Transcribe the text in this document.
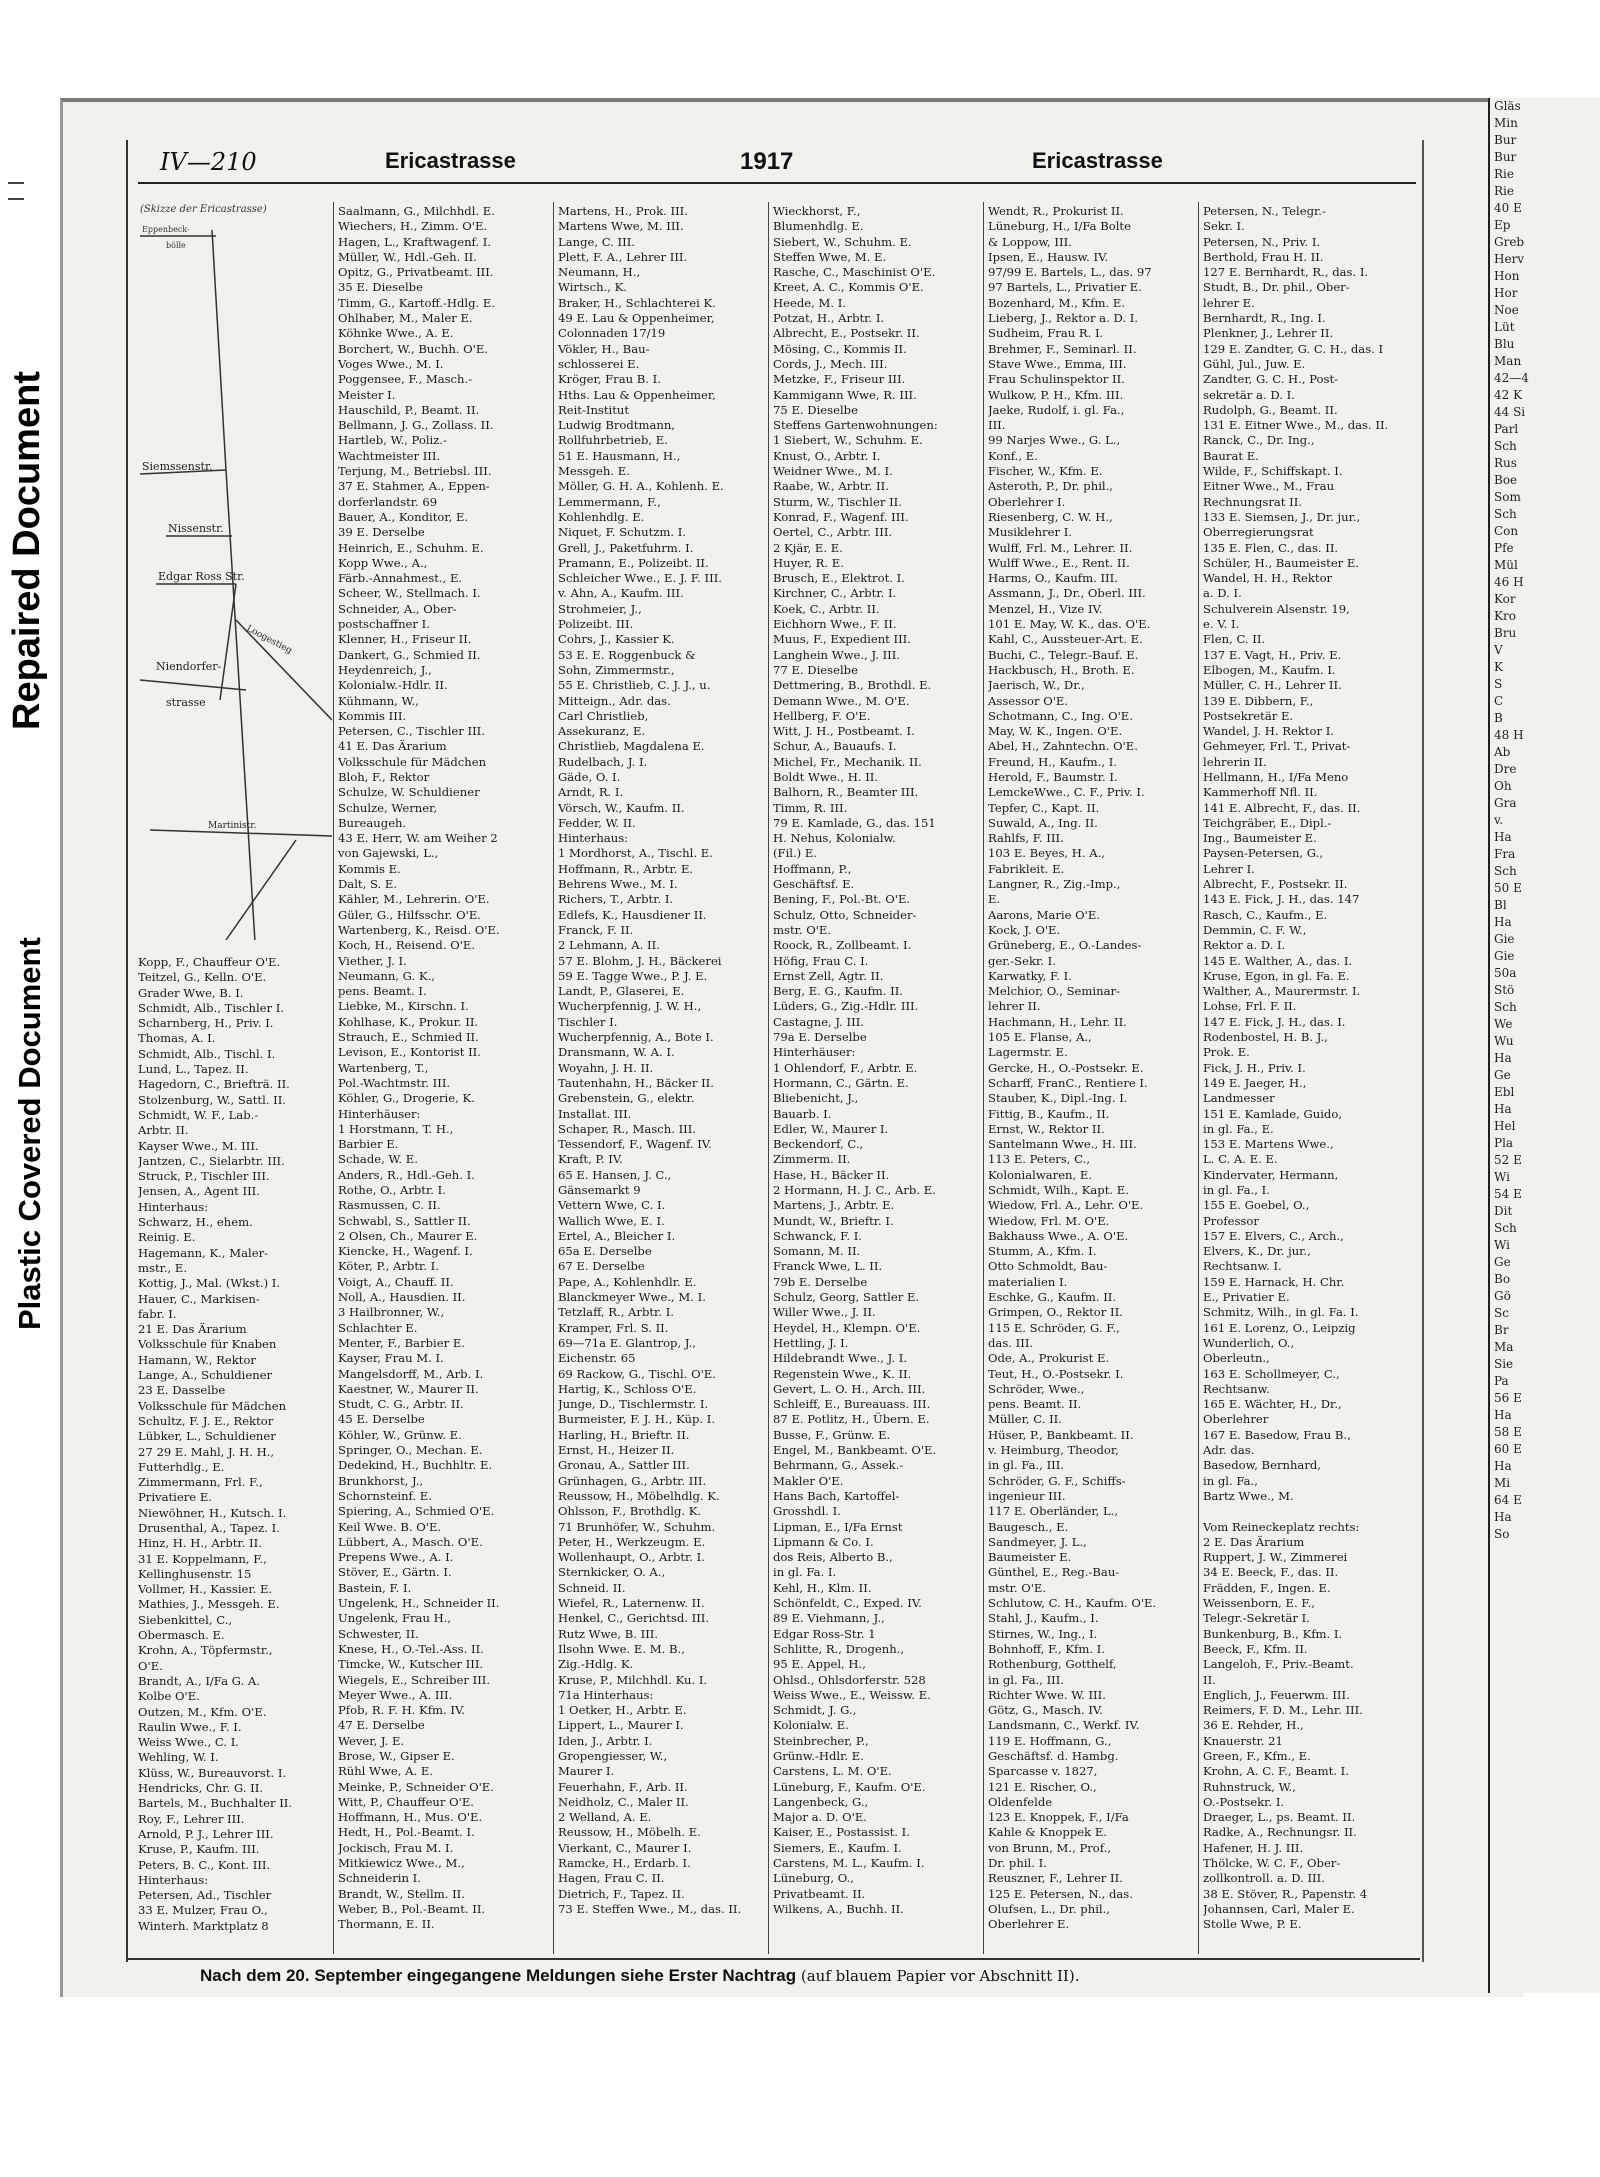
Gläs
Min
Bur
Bur
Rie
Rie
40 E
Ep
Greb
Herv
Hon
Hor
Noe
Lüt
Blu
Man
42—4
42 K
44 Si
Parl
Sch
Rus
Boe
Som
Sch
Con
Pfe
Mül
46 H
Kor
Kro
Bru
V
K
S
C
B
48 H
Ab
Dre
Oh
Gra
v.
Ha
Fra
Sch
50 E
Bl
Ha
Gie
Gie
50a
Stö
Sch
We
Wu
Ha
Ge
Ebl
Ha
Hel
Pla
52 E
Wi
54 E
Dit
Sch
Wi
Ge
Bo
Gö
Sc
Br
Ma
Sie
Pa
56 E
Ha
58 E
60 E
Ha
Mi
64 E
Ha
So
Repaired Document
Plastic Covered Document
IV—210	Ericastrasse	1917	Ericastrasse
(Skizze der Ericastrasse)
Eppenbeck-
bölle
Siemssenstr.
Nissenstr.
Edgar Ross Str.
Loogestieg
Niendorfer-
strasse
Martinistr.
Kopp, F., Chauffeur O'E.
Teitzel, G., Kelln. O'E.
Grader Wwe, B. I.
Schmidt, Alb., Tischler I.
Scharnberg, H., Priv. I.
Thomas, A. I.
Schmidt, Alb., Tischl. I.
Lund, L., Tapez. II.
Hagedorn, C., Briefträ. II.
Stolzenburg, W., Sattl. II.
Schmidt, W. F., Lab.-
Arbtr. II.
Kayser Wwe., M. III.
Jantzen, C., Sielarbtr. III.
Struck, P., Tischler III.
Jensen, A., Agent III.
Hinterhaus:
Schwarz, H., ehem.
Reinig. E.
Hagemann, K., Maler-
mstr., E.
Kottig, J., Mal. (Wkst.) I.
Hauer, C., Markisen-
fabr. I.
21 E. Das Ärarium
Volksschule für Knaben
Hamann, W., Rektor
Lange, A., Schuldiener
23 E. Dasselbe
Volksschule für Mädchen
Schultz, F. J. E., Rektor
Lübker, L., Schuldiener
27 29 E. Mahl, J. H. H.,
Futterhdlg., E.
Zimmermann, Frl. F.,
Privatiere E.
Niewöhner, H., Kutsch. I.
Drusenthal, A., Tapez. I.
Hinz, H. H., Arbtr. II.
31 E. Koppelmann, F.,
Kellinghusenstr. 15
Vollmer, H., Kassier. E.
Mathies, J., Messgeh. E.
Siebenkittel, C.,
Obermasch. E.
Krohn, A., Töpfermstr.,
O'E.
Brandt, A., I/Fa G. A.
Kolbe O'E.
Outzen, M., Kfm. O'E.
Raulin Wwe., F. I.
Weiss Wwe., C. I.
Wehling, W. I.
Klüss, W., Bureauvorst. I.
Hendricks, Chr. G. II.
Bartels, M., Buchhalter II.
Roy, F., Lehrer III.
Arnold, P. J., Lehrer III.
Kruse, P., Kaufm. III.
Peters, B. C., Kont. III.
Hinterhaus:
Petersen, Ad., Tischler
33 E. Mulzer, Frau O.,
Winterh. Marktplatz 8
Saalmann, G., Milchhdl. E.
Wiechers, H., Zimm. O'E.
Hagen, L., Kraftwagenf. I.
Müller, W., Hdl.-Geh. II.
Opitz, G., Privatbeamt. III.
35 E. Dieselbe
Timm, G., Kartoff.-Hdlg. E.
Ohlhaber, M., Maler E.
Köhnke Wwe., A. E.
Borchert, W., Buchh. O'E.
Voges Wwe., M. I.
Poggensee, F., Masch.-
Meister I.
Hauschild, P., Beamt. II.
Bellmann, J. G., Zollass. II.
Hartleb, W., Poliz.-
Wachtmeister III.
Terjung, M., Betriebsl. III.
37 E. Stahmer, A., Eppen-
dorferlandstr. 69
Bauer, A., Konditor, E.
39 E. Derselbe
Heinrich, E., Schuhm. E.
Kopp Wwe., A.,
Färb.-Annahmest., E.
Scheer, W., Stellmach. I.
Schneider, A., Ober-
postschaffner I.
Klenner, H., Friseur II.
Dankert, G., Schmied II.
Heydenreich, J.,
Kolonialw.-Hdlr. II.
Kühmann, W.,
Kommis III.
Petersen, C., Tischler III.
41 E. Das Ärarium
Volksschule für Mädchen
Bloh, F., Rektor
Schulze, W. Schuldiener
Schulze, Werner,
Bureaugeh.
43 E. Herr, W. am Weiher 2
von Gajewski, L.,
Kommis E.
Dalt, S. E.
Kähler, M., Lehrerin. O'E.
Güler, G., Hilfsschr. O'E.
Wartenberg, K., Reisd. O'E.
Koch, H., Reisend. O'E.
Viether, J. I.
Neumann, G. K.,
pens. Beamt. I.
Liebke, M., Kirschn. I.
Kohlhase, K., Prokur. II.
Strauch, E., Schmied II.
Levison, E., Kontorist II.
Wartenberg, T.,
Pol.-Wachtmstr. III.
Köhler, G., Drogerie, K.
Hinterhäuser:
1 Horstmann, T. H.,
Barbier E.
Schade, W. E.
Anders, R., Hdl.-Geh. I.
Rothe, O., Arbtr. I.
Rasmussen, C. II.
Schwabl, S., Sattler II.
2 Olsen, Ch., Maurer E.
Kiencke, H., Wagenf. I.
Köter, P., Arbtr. I.
Voigt, A., Chauff. II.
Noll, A., Hausdien. II.
3 Hailbronner, W.,
Schlachter E.
Menter, F., Barbier E.
Kayser, Frau M. I.
Mangelsdorff, M., Arb. I.
Kaestner, W., Maurer II.
Studt, C. G., Arbtr. II.
45 E. Derselbe
Köhler, W., Grünw. E.
Springer, O., Mechan. E.
Dedekind, H., Buchhltr. E.
Brunkhorst, J.,
Schornsteinf. E.
Spiering, A., Schmied O'E.
Keil Wwe. B. O'E.
Lübbert, A., Masch. O'E.
Prepens Wwe., A. I.
Stöver, E., Gärtn. I.
Bastein, F. I.
Ungelenk, H., Schneider II.
Ungelenk, Frau H.,
Schwester, II.
Knese, H., O.-Tel.-Ass. II.
Timcke, W., Kutscher III.
Wiegels, E., Schreiber III.
Meyer Wwe., A. III.
Pfob, R. F. H. Kfm. IV.
47 E. Derselbe
Wever, J. E.
Brose, W., Gipser E.
Rühl Wwe, A. E.
Meinke, P., Schneider O'E.
Witt, P., Chauffeur O'E.
Hoffmann, H., Mus. O'E.
Hedt, H., Pol.-Beamt. I.
Jockisch, Frau M. I.
Mitkiewicz Wwe., M.,
Schneiderin I.
Brandt, W., Stellm. II.
Weber, B., Pol.-Beamt. II.
Thormann, E. II.
Martens, H., Prok. III.
Martens Wwe, M. III.
Lange, C. III.
Plett, F. A., Lehrer III.
Neumann, H.,
Wirtsch., K.
Braker, H., Schlachterei K.
49 E. Lau & Oppenheimer,
Colonnaden 17/19
Vökler, H., Bau-
schlosserei E.
Kröger, Frau B. I.
Hths. Lau & Oppenheimer,
Reit-Institut
Ludwig Brodtmann,
Rollfuhrbetrieb, E.
51 E. Hausmann, H.,
Messgeh. E.
Möller, G. H. A., Kohlenh. E.
Lemmermann, F.,
Kohlenhdlg. E.
Niquet, F. Schutzm. I.
Grell, J., Paketfuhrm. I.
Pramann, E., Polizeibt. II.
Schleicher Wwe., E. J. F. III.
v. Ahn, A., Kaufm. III.
Strohmeier, J.,
Polizeibt. III.
Cohrs, J., Kassier K.
53 E. E. Roggenbuck &
Sohn, Zimmermstr.,
55 E. Christlieb, C. J. J., u.
Mitteign., Adr. das.
Carl Christlieb,
Assekuranz, E.
Christlieb, Magdalena E.
Rudelbach, J. I.
Gäde, O. I.
Arndt, R. I.
Vörsch, W., Kaufm. II.
Fedder, W. II.
Hinterhaus:
1 Mordhorst, A., Tischl. E.
Hoffmann, R., Arbtr. E.
Behrens Wwe., M. I.
Richers, T., Arbtr. I.
Edlefs, K., Hausdiener II.
Franck, F. II.
2 Lehmann, A. II.
57 E. Blohm, J. H., Bäckerei
59 E. Tagge Wwe., P. J. E.
Landt, P., Glaserei, E.
Wucherpfennig, J. W. H.,
Tischler I.
Wucherpfennig, A., Bote I.
Dransmann, W. A. I.
Woyahn, J. H. II.
Tautenhahn, H., Bäcker II.
Grebenstein, G., elektr.
Installat. III.
Schaper, R., Masch. III.
Tessendorf, F., Wagenf. IV.
Kraft, P. IV.
65 E. Hansen, J. C.,
Gänsemarkt 9
Vettern Wwe, C. I.
Wallich Wwe, E. I.
Ertel, A., Bleicher I.
65a E. Derselbe
67 E. Derselbe
Pape, A., Kohlenhdlr. E.
Blanckmeyer Wwe., M. I.
Tetzlaff, R., Arbtr. I.
Kramper, Frl. S. II.
69—71a E. Glantrop, J.,
Eichenstr. 65
69 Rackow, G., Tischl. O'E.
Hartig, K., Schloss O'E.
Junge, D., Tischlermstr. I.
Burmeister, F. J. H., Küp. I.
Harling, H., Brieftr. II.
Ernst, H., Heizer II.
Gronau, A., Sattler III.
Grünhagen, G., Arbtr. III.
Reussow, H., Möbelhdlg. K.
Ohlsson, F., Brothdlg. K.
71 Brunhöfer, W., Schuhm.
Peter, H., Werkzeugm. E.
Wollenhaupt, O., Arbtr. I.
Sternkicker, O. A.,
Schneid. II.
Wiefel, R., Laternenw. II.
Henkel, C., Gerichtsd. III.
Rutz Wwe, B. III.
Ilsohn Wwe. E. M. B.,
Zig.-Hdlg. K.
Kruse, P., Milchhdl. Ku. I.
71a Hinterhaus:
1 Oetker, H., Arbtr. E.
Lippert, L., Maurer I.
Iden, J., Arbtr. I.
Gropengiesser, W.,
Maurer I.
Feuerhahn, F., Arb. II.
Neidholz, C., Maler II.
2 Welland, A. E.
Reussow, H., Möbelh. E.
Vierkant, C., Maurer I.
Ramcke, H., Erdarb. I.
Hagen, Frau C. II.
Dietrich, F., Tapez. II.
73 E. Steffen Wwe., M., das. II.
Wieckhorst, F.,
Blumenhdlg. E.
Siebert, W., Schuhm. E.
Steffen Wwe, M. E.
Rasche, C., Maschinist O'E.
Kreet, A. C., Kommis O'E.
Heede, M. I.
Potzat, H., Arbtr. I.
Albrecht, E., Postsekr. II.
Mösing, C., Kommis II.
Cords, J., Mech. III.
Metzke, F., Friseur III.
Kammigann Wwe, R. III.
75 E. Dieselbe
Steffens Gartenwohnungen:
1 Siebert, W., Schuhm. E.
Knust, O., Arbtr. I.
Weidner Wwe., M. I.
Raabe, W., Arbtr. II.
Sturm, W., Tischler II.
Konrad, F., Wagenf. III.
Oertel, C., Arbtr. III.
2 Kjär, E. E.
Huyer, R. E.
Brusch, E., Elektrot. I.
Kirchner, C., Arbtr. I.
Koek, C., Arbtr. II.
Eichhorn Wwe., F. II.
Muus, F., Expedient III.
Langhein Wwe., J. III.
77 E. Dieselbe
Dettmering, B., Brothdl. E.
Demann Wwe., M. O'E.
Hellberg, F. O'E.
Witt, J. H., Postbeamt. I.
Schur, A., Bauaufs. I.
Michel, Fr., Mechanik. II.
Boldt Wwe., H. II.
Balhorn, R., Beamter III.
Timm, R. III.
79 E. Kamlade, G., das. 151
H. Nehus, Kolonialw.
(Fil.) E.
Hoffmann, P.,
Geschäftsf. E.
Bening, F., Pol.-Bt. O'E.
Schulz, Otto, Schneider-
mstr. O'E.
Roock, R., Zollbeamt. I.
Höfig, Frau C. I.
Ernst Zell, Agtr. II.
Berg, E. G., Kaufm. II.
Lüders, G., Zig.-Hdlr. III.
Castagne, J. III.
79a E. Derselbe
Hinterhäuser:
1 Ohlendorf, F., Arbtr. E.
Hormann, C., Gärtn. E.
Bliebenicht, J.,
Bauarb. I.
Edler, W., Maurer I.
Beckendorf, C.,
Zimmerm. II.
Hase, H., Bäcker II.
2 Hormann, H. J. C., Arb. E.
Martens, J., Arbtr. E.
Mundt, W., Brieftr. I.
Schwanck, F. I.
Somann, M. II.
Franck Wwe, L. II.
79b E. Derselbe
Schulz, Georg, Sattler E.
Willer Wwe., J. II.
Heydel, H., Klempn. O'E.
Hettling, J. I.
Hildebrandt Wwe., J. I.
Regenstein Wwe., K. II.
Gevert, L. O. H., Arch. III.
Schleiff, E., Bureauass. III.
87 E. Potlitz, H., Übern. E.
Busse, F., Grünw. E.
Engel, M., Bankbeamt. O'E.
Behrmann, G., Assek.-
Makler O'E.
Hans Bach, Kartoffel-
Grosshdl. I.
Lipman, E., I/Fa Ernst
Lipmann & Co. I.
dos Reis, Alberto B.,
in gl. Fa. I.
Kehl, H., Klm. II.
Schönfeldt, C., Exped. IV.
89 E. Viehmann, J.,
Edgar Ross-Str. 1
Schlitte, R., Drogenh.,
95 E. Appel, H.,
Ohlsd., Ohlsdorferstr. 528
Weiss Wwe., E., Weissw. E.
Schmidt, J. G.,
Kolonialw. E.
Steinbrecher, P.,
Grünw.-Hdlr. E.
Carstens, L. M. O'E.
Lüneburg, F., Kaufm. O'E.
Langenbeck, G.,
Major a. D. O'E.
Kaiser, E., Postassist. I.
Siemers, E., Kaufm. I.
Carstens, M. L., Kaufm. I.
Lüneburg, O.,
Privatbeamt. II.
Wilkens, A., Buchh. II.
Wendt, R., Prokurist II.
Lüneburg, H., I/Fa Bolte
& Loppow, III.
Ipsen, E., Hausw. IV.
97/99 E. Bartels, L., das. 97
97 Bartels, L., Privatier E.
Bozenhard, M., Kfm. E.
Lieberg, J., Rektor a. D. I.
Sudheim, Frau R. I.
Brehmer, F., Seminarl. II.
Stave Wwe., Emma, III.
Frau Schulinspektor II.
Wulkow, P. H., Kfm. III.
Jaeke, Rudolf, i. gl. Fa.,
III.
99 Narjes Wwe., G. L.,
Konf., E.
Fischer, W., Kfm. E.
Asteroth, P., Dr. phil.,
Oberlehrer I.
Riesenberg, C. W. H.,
Musiklehrer I.
Wulff, Frl. M., Lehrer. II.
Wulff Wwe., E., Rent. II.
Harms, O., Kaufm. III.
Assmann, J., Dr., Oberl. III.
Menzel, H., Vize IV.
101 E. May, W. K., das. O'E.
Kahl, C., Aussteuer-Art. E.
Buchi, C., Telegr.-Bauf. E.
Hackbusch, H., Broth. E.
Jaerisch, W., Dr.,
Assessor O'E.
Schotmann, C., Ing. O'E.
May, W. K., Ingen. O'E.
Abel, H., Zahntechn. O'E.
Freund, H., Kaufm., I.
Herold, F., Baumstr. I.
LemckeWwe., C. F., Priv. I.
Tepfer, C., Kapt. II.
Suwald, A., Ing. II.
Rahlfs, F. III.
103 E. Beyes, H. A.,
Fabrikleit. E.
Langner, R., Zig.-Imp.,
E.
Aarons, Marie O'E.
Kock, J. O'E.
Grüneberg, E., O.-Landes-
ger.-Sekr. I.
Karwatky, F. I.
Melchior, O., Seminar-
lehrer II.
Hachmann, H., Lehr. II.
105 E. Flanse, A.,
Lagermstr. E.
Gercke, H., O.-Postsekr. E.
Scharff, FranC., Rentiere I.
Stauber, K., Dipl.-Ing. I.
Fittig, B., Kaufm., II.
Ernst, W., Rektor II.
Santelmann Wwe., H. III.
113 E. Peters, C.,
Kolonialwaren, E.
Schmidt, Wilh., Kapt. E.
Wiedow, Frl. A., Lehr. O'E.
Wiedow, Frl. M. O'E.
Bakhauss Wwe., A. O'E.
Stumm, A., Kfm. I.
Otto Schmoldt, Bau-
materialien I.
Eschke, G., Kaufm. II.
Grimpen, O., Rektor II.
115 E. Schröder, G. F.,
das. III.
Ode, A., Prokurist E.
Teut, H., O.-Postsekr. I.
Schröder, Wwe.,
pens. Beamt. II.
Müller, C. II.
Hüser, P., Bankbeamt. II.
v. Heimburg, Theodor,
in gl. Fa., III.
Schröder, G. F., Schiffs-
ingenieur III.
117 E. Oberländer, L.,
Baugesch., E.
Sandmeyer, J. L.,
Baumeister E.
Günthel, E., Reg.-Bau-
mstr. O'E.
Schlutow, C. H., Kaufm. O'E.
Stahl, J., Kaufm., I.
Stirnes, W., Ing., I.
Bohnhoff, F., Kfm. I.
Rothenburg, Gotthelf,
in gl. Fa., III.
Richter Wwe. W. III.
Götz, G., Masch. IV.
Landsmann, C., Werkf. IV.
119 E. Hoffmann, G.,
Geschäftsf. d. Hambg.
Sparcasse v. 1827,
121 E. Rischer, O.,
Oldenfelde
123 E. Knoppek, F., I/Fa
Kahle & Knoppek E.
von Brunn, M., Prof.,
Dr. phil. I.
Reuszner, F., Lehrer II.
125 E. Petersen, N., das.
Olufsen, L., Dr. phil.,
Oberlehrer E.
Petersen, N., Telegr.-
Sekr. I.
Petersen, N., Priv. I.
Berthold, Frau H. II.
127 E. Bernhardt, R., das. I.
Studt, B., Dr. phil., Ober-
lehrer E.
Bernhardt, R., Ing. I.
Plenkner, J., Lehrer II.
129 E. Zandter, G. C. H., das. I
Gühl, Jul., Juw. E.
Zandter, G. C. H., Post-
sekretär a. D. I.
Rudolph, G., Beamt. II.
131 E. Eitner Wwe., M., das. II.
Ranck, C., Dr. Ing.,
Baurat E.
Wilde, F., Schiffskapt. I.
Eitner Wwe., M., Frau
Rechnungsrat II.
133 E. Siemsen, J., Dr. jur.,
Oberregierungsrat
135 E. Flen, C., das. II.
Schüler, H., Baumeister E.
Wandel, H. H., Rektor
a. D. I.
Schulverein Alsenstr. 19,
e. V. I.
Flen, C. II.
137 E. Vagt, H., Priv. E.
Elbogen, M., Kaufm. I.
Müller, C. H., Lehrer II.
139 E. Dibbern, F.,
Postsekretär E.
Wandel, J. H. Rektor I.
Gehmeyer, Frl. T., Privat-
lehrerin II.
Hellmann, H., I/Fa Meno
Kammerhoff Nfl. II.
141 E. Albrecht, F., das. II.
Teichgräber, E., Dipl.-
Ing., Baumeister E.
Paysen-Petersen, G.,
Lehrer I.
Albrecht, F., Postsekr. II.
143 E. Fick, J. H., das. 147
Rasch, C., Kaufm., E.
Demmin, C. F. W.,
Rektor a. D. I.
145 E. Walther, A., das. I.
Kruse, Egon, in gl. Fa. E.
Walther, A., Maurermstr. I.
Lohse, Frl. F. II.
147 E. Fick, J. H., das. I.
Rodenbostel, H. B. J.,
Prok. E.
Fick, J. H., Priv. I.
149 E. Jaeger, H.,
Landmesser
151 E. Kamlade, Guido,
in gl. Fa., E.
153 E. Martens Wwe.,
L. C. A. E. E.
Kindervater, Hermann,
in gl. Fa., I.
155 E. Goebel, O.,
Professor
157 E. Elvers, C., Arch.,
Elvers, K., Dr. jur.,
Rechtsanw. I.
159 E. Harnack, H. Chr.
E., Privatier E.
Schmitz, Wilh., in gl. Fa. I.
161 E. Lorenz, O., Leipzig
Wunderlich, O.,
Oberleutn.,
163 E. Schollmeyer, C.,
Rechtsanw.
165 E. Wächter, H., Dr.,
Oberlehrer
167 E. Basedow, Frau B.,
Adr. das.
Basedow, Bernhard,
in gl. Fa.,
Bartz Wwe., M.
Vom Reineckeplatz rechts:
2 E. Das Ärarium
Ruppert, J. W., Zimmerei
34 E. Beeck, F., das. II.
Frädden, F., Ingen. E.
Weissenborn, E. F.,
Telegr.-Sekretär I.
Bunkenburg, B., Kfm. I.
Beeck, F., Kfm. II.
Langeloh, F., Priv.-Beamt.
II.
Englich, J., Feuerwm. III.
Reimers, F. D. M., Lehr. III.
36 E. Rehder, H.,
Knauerstr. 21
Green, F., Kfm., E.
Krohn, A. C. F., Beamt. I.
Ruhnstruck, W.,
O.-Postsekr. I.
Draeger, L., ps. Beamt. II.
Radke, A., Rechnungsr. II.
Hafener, H. J. III.
Thölcke, W. C. F., Ober-
zollkontroll. a. D. III.
38 E. Stöver, R., Papenstr. 4
Johannsen, Carl, Maler E.
Stolle Wwe, P. E.
Nach dem 20. September eingegangene Meldungen siehe Erster Nachtrag (auf blauem Papier vor Abschnitt II).
